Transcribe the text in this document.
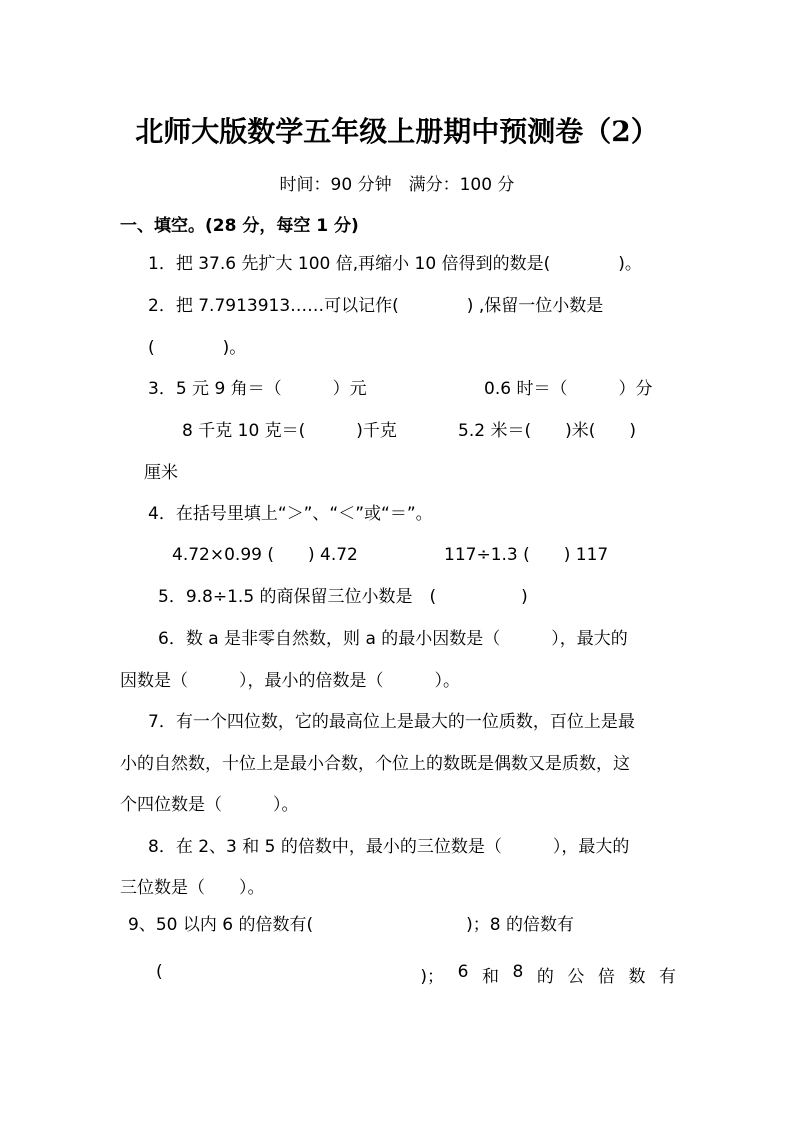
北师大版数学五年级上册期中预测卷（2）
时间：90 分钟　满分：100 分
一、填空。(28 分，每空 1 分)
1．把 37.6 先扩大 100 倍,再缩小 10 倍得到的数是(　　　　)。
2．把 7.7913913……可以记作(　　　　) ,保留一位小数是
(　　　　)。
3．5 元 9 角＝（　　　）元	0.6 时＝（　　　）分
8 千克 10 克＝(　　　)千克	5.2 米＝(　　)米(　　)
厘米
4．在括号里填上“＞”、“＜”或“＝”。
4.72×0.99 (　　) 4.72	117÷1.3 (　　) 117
5．9.8÷1.5 的商保留三位小数是　(　　　　　)
6．数 a 是非零自然数，则 a 的最小因数是（　　　），最大的
因数是（　　　），最小的倍数是（　　　）。
7．有一个四位数，它的最高位上是最大的一位质数，百位上是最
小的自然数，十位上是最小合数，个位上的数既是偶数又是质数，这
个四位数是（　　　）。
8．在 2、3 和 5 的倍数中，最小的三位数是（　　　），最大的
三位数是（　　）。
9、50 以内 6 的倍数有(　　　　　　　　　)；8 的倍数有
(

　	)； 6 和 8 的 公 倍 数 有
